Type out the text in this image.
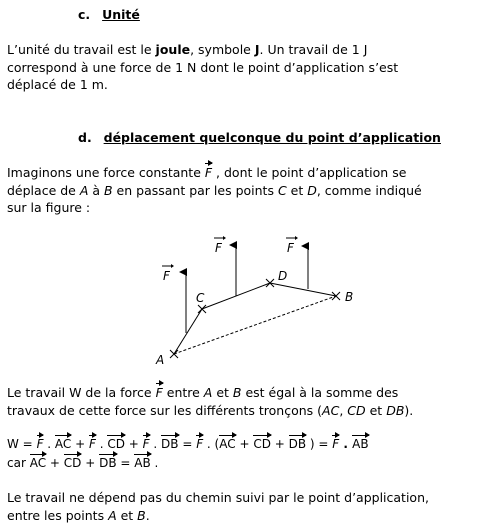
c. Unité
L’unité du travail est le joule, symbole J. Un travail de 1 J
correspond à une force de 1 N dont le point d’application s’est
déplacé de 1 m.
d. déplacement quelconque du point d’application
Imaginons une force constante F , dont le point d’application se
déplace de A à B en passant par les points C et D, comme indiqué
sur la figure :
F
F	F
A
C
D
B
Le travail W de la force F entre A et B est égal à la somme des
travaux de cette force sur les différents tronçons (AC, CD et DB).
W = F . AC + F . CD + F . DB = F . (AC + CD + DB ) = F . AB
car AC + CD + DB = AB .
Le travail ne dépend pas du chemin suivi par le point d’application,
entre les points A et B.
